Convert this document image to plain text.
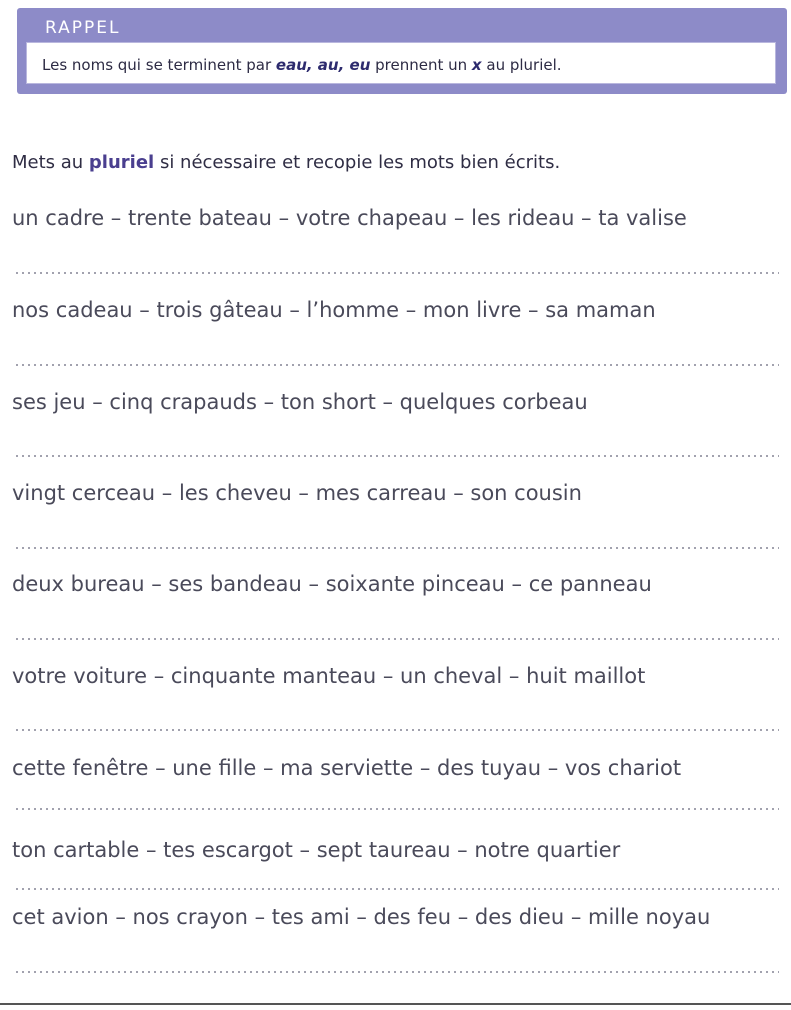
RAPPEL
Les noms qui se terminent par eau, au, eu prennent un x au pluriel.
Mets au pluriel si nécessaire et recopie les mots bien écrits.
un cadre – trente bateau – votre chapeau – les rideau – ta valise
nos cadeau – trois gâteau – l’homme – mon livre – sa maman
ses jeu – cinq crapauds – ton short – quelques corbeau
vingt cerceau – les cheveu – mes carreau – son cousin
deux bureau – ses bandeau – soixante pinceau – ce panneau
votre voiture – cinquante manteau – un cheval – huit maillot
cette fenêtre – une fille – ma serviette – des tuyau – vos chariot
ton cartable – tes escargot – sept taureau – notre quartier
cet avion – nos crayon – tes ami – des feu – des dieu – mille noyau
